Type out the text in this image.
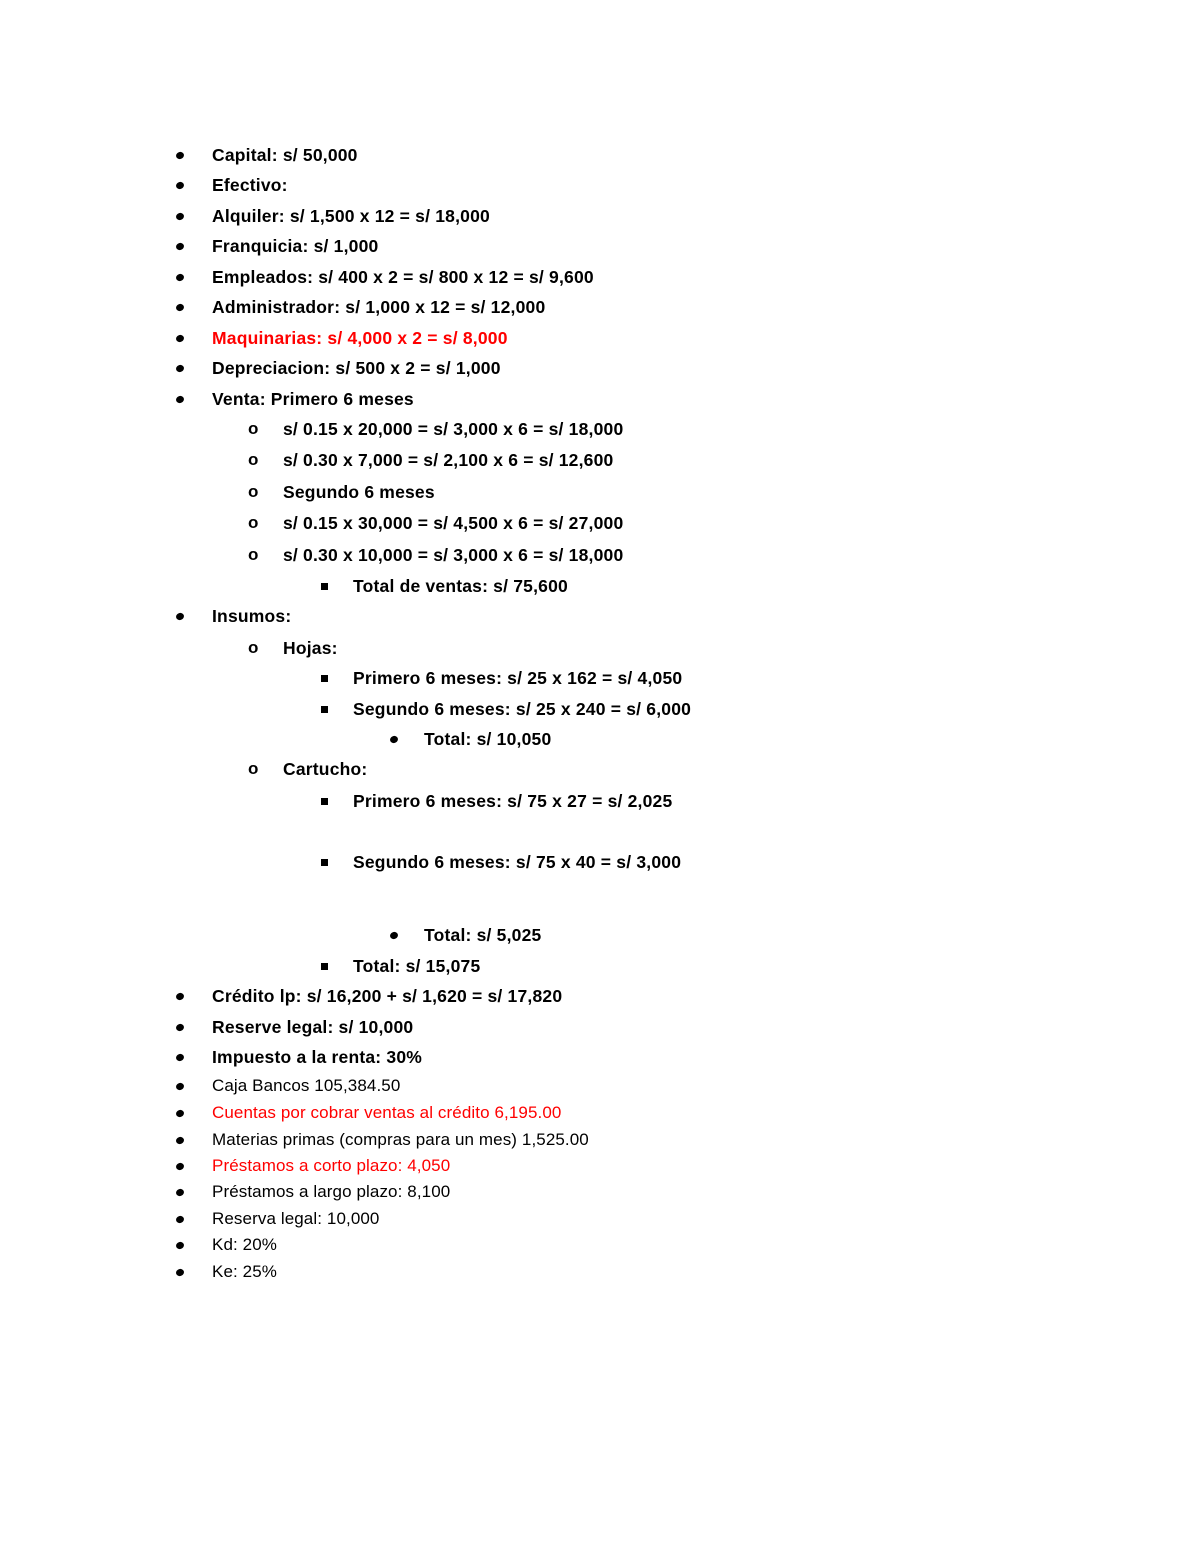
Capital: s/ 50,000
Efectivo:
Alquiler: s/ 1,500 x 12 = s/ 18,000
Franquicia: s/ 1,000
Empleados: s/ 400 x 2 = s/ 800 x 12 = s/ 9,600
Administrador: s/ 1,000 x 12 = s/ 12,000
Maquinarias: s/ 4,000 x 2 = s/ 8,000
Depreciacion: s/ 500 x 2 = s/ 1,000
Venta: Primero 6 meses
o s/ 0.15 x 20,000 = s/ 3,000 x 6 = s/ 18,000
o s/ 0.30 x 7,000 = s/ 2,100 x 6 = s/ 12,600
o Segundo 6 meses
o s/ 0.15 x 30,000 = s/ 4,500 x 6 = s/ 27,000
o s/ 0.30 x 10,000 = s/ 3,000 x 6 = s/ 18,000
Total de ventas: s/ 75,600
Insumos:
o Hojas:
Primero 6 meses: s/ 25 x 162 = s/ 4,050
Segundo 6 meses: s/ 25 x 240 = s/ 6,000
Total: s/ 10,050
o Cartucho:
Primero 6 meses: s/ 75 x 27 = s/ 2,025
Segundo 6 meses: s/ 75 x 40 = s/ 3,000
Total: s/ 5,025
Total: s/ 15,075
Crédito lp: s/ 16,200 + s/ 1,620 = s/ 17,820
Reserve legal: s/ 10,000
Impuesto a la renta: 30%
Caja Bancos 105,384.50
Cuentas por cobrar ventas al crédito 6,195.00
Materias primas (compras para un mes) 1,525.00
Préstamos a corto plazo: 4,050
Préstamos a largo plazo: 8,100
Reserva legal: 10,000
Kd: 20%
Ke: 25%
